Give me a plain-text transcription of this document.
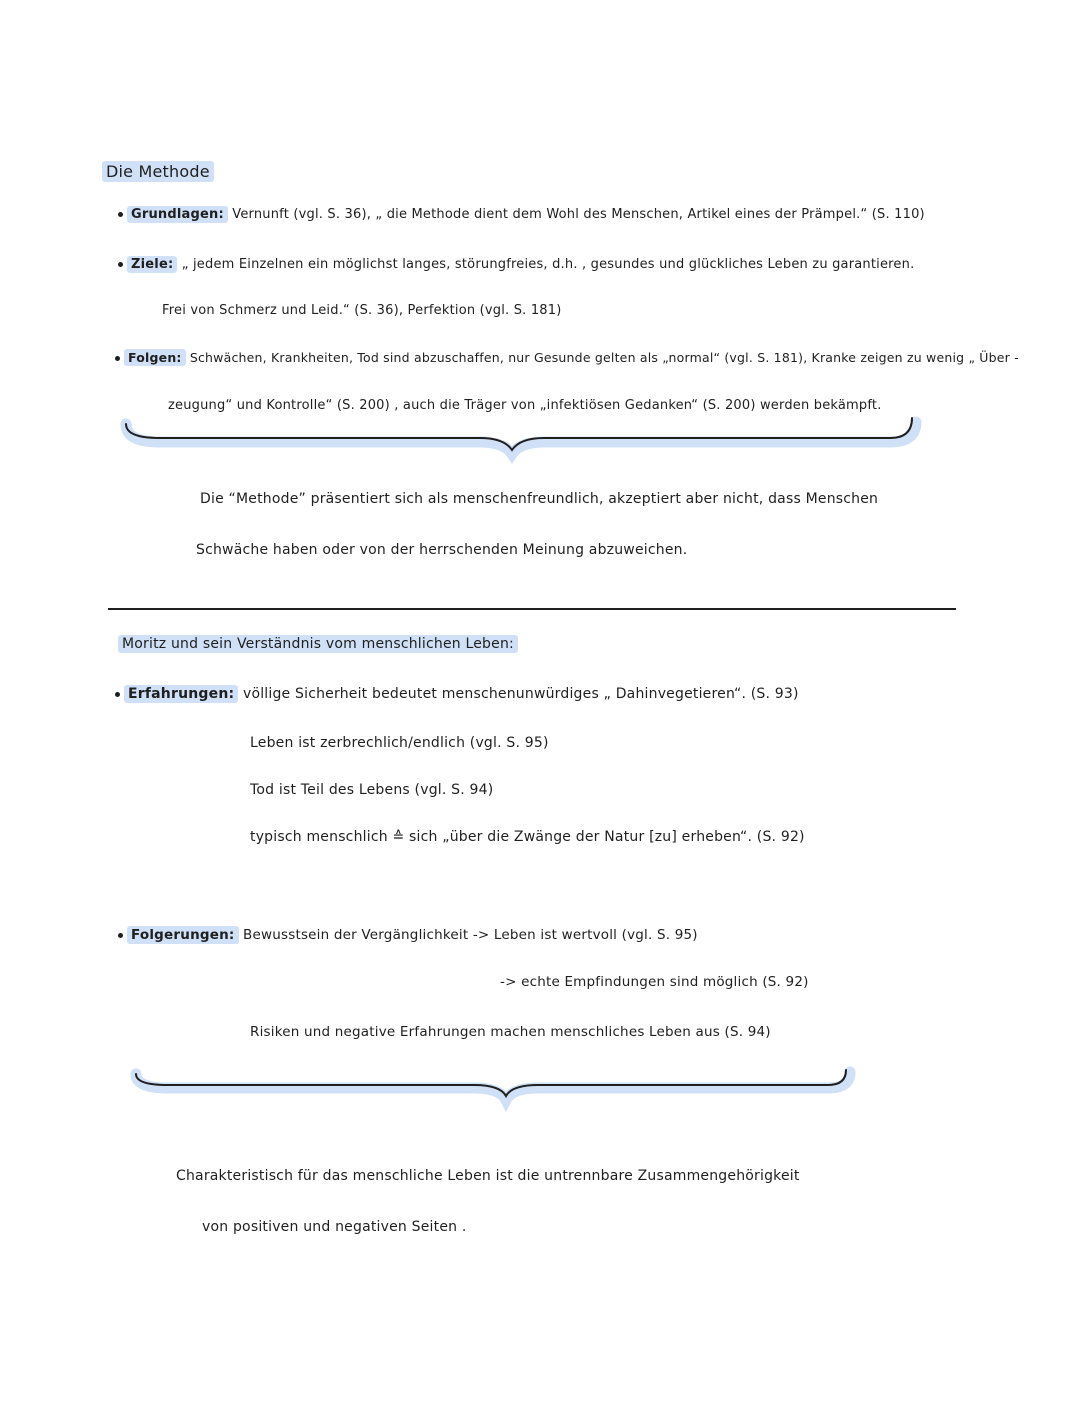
Die Methode
Grundlagen: Vernunft (vgl. S. 36), „ die Methode dient dem Wohl des Menschen, Artikel eines der Prämpel.“ (S. 110)
Ziele: „ jedem Einzelnen ein möglichst langes, störungfreies, d.h. , gesundes und glückliches Leben zu garantieren.
Frei von Schmerz und Leid.“ (S. 36), Perfektion (vgl. S. 181)
Folgen: Schwächen, Krankheiten, Tod sind abzuschaffen, nur Gesunde gelten als „normal“ (vgl. S. 181), Kranke zeigen zu wenig „ Über -
zeugung“ und Kontrolle“ (S. 200) , auch die Träger von „infektiösen Gedanken“ (S. 200) werden bekämpft.
Die “Methode” präsentiert sich als menschenfreundlich, akzeptiert aber nicht, dass Menschen
Schwäche haben oder von der herrschenden Meinung abzuweichen.
Moritz und sein Verständnis vom menschlichen Leben:
Erfahrungen: völlige Sicherheit bedeutet menschenunwürdiges „ Dahinvegetieren“. (S. 93)
Leben ist zerbrechlich/endlich (vgl. S. 95)
Tod ist Teil des Lebens (vgl. S. 94)
typisch menschlich ≙ sich „über die Zwänge der Natur [zu] erheben“. (S. 92)
Folgerungen: Bewusstsein der Vergänglichkeit -> Leben ist wertvoll (vgl. S. 95)
-> echte Empfindungen sind möglich (S. 92)
Risiken und negative Erfahrungen machen menschliches Leben aus (S. 94)
Charakteristisch für das menschliche Leben ist die untrennbare Zusammengehörigkeit
von positiven und negativen Seiten .
